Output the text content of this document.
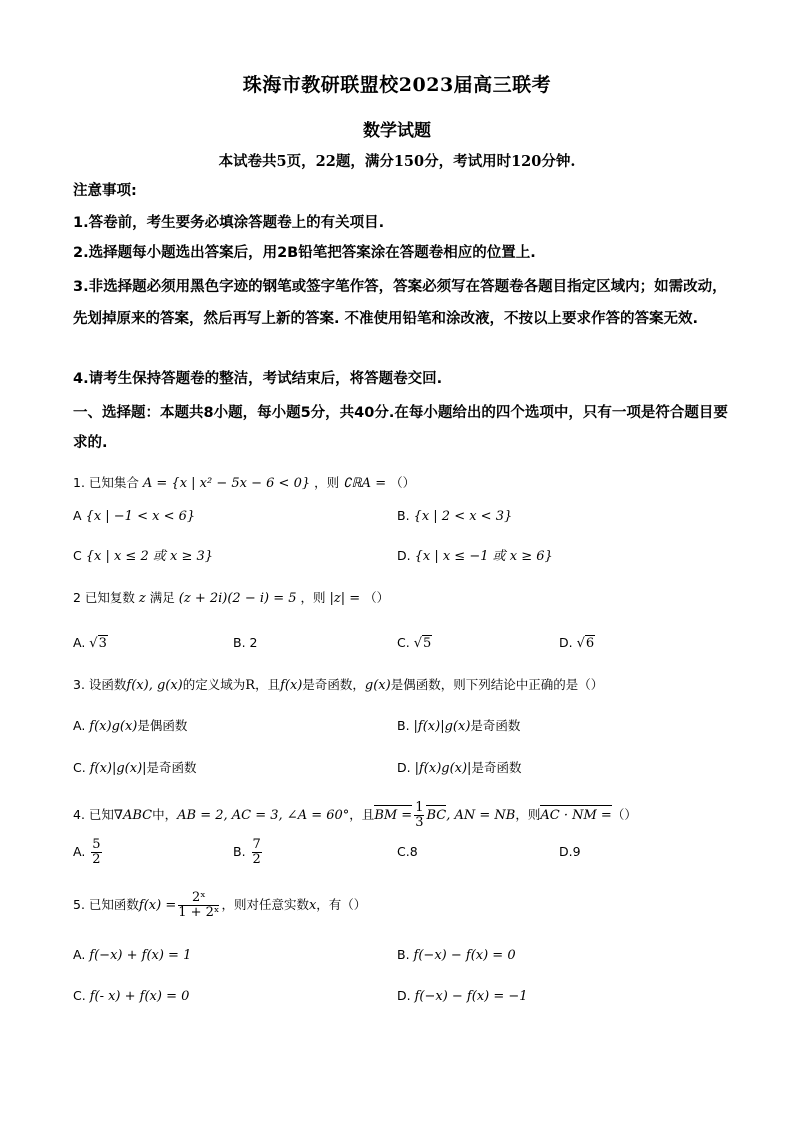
珠海市教研联盟校2023届高三联考
数学试题
本试卷共5页，22题，满分150分，考试用时120分钟.
注意事项:
1.答卷前，考生要务必填涂答题卷上的有关项目.
2.选择题每小题选出答案后，用2B铅笔把答案涂在答题卷相应的位置上.
3.非选择题必须用黑色字迹的钢笔或签字笔作答，答案必须写在答题卷各题目指定区域内；如需改动，先划掉原来的答案，然后再写上新的答案. 不准使用铅笔和涂改液，不按以上要求作答的答案无效.
4.请考生保持答题卷的整洁，考试结束后，将答题卷交回.
一、选择题：本题共8小题，每小题5分，共40分.在每小题给出的四个选项中，只有一项是符合题目要求的.
1. 已知集合 A = {x | x² − 5x − 6 < 0} ，则 ∁ℝA = （）
A {x | −1 < x < 6}	B. {x | 2 < x < 3}
C {x | x ≤ 2 或 x ≥ 3}	D. {x | x ≤ −1 或 x ≥ 6}
2 已知复数 z 满足 (z + 2i)(2 − i) = 5 ，则 |z| = （）
A. √3	B. 2	C. √5	D. √6
3. 设函数f(x), g(x)的定义域为R，且f(x)是奇函数，g(x)是偶函数，则下列结论中正确的是（）
A. f(x)g(x)是偶函数	B. |f(x)|g(x)是奇函数
C. f(x)|g(x)|是奇函数	D. |f(x)g(x)|是奇函数
4. 已知∇ABC中，AB = 2, AC = 3, ∠A = 60°，且BM = $\frac{1}{3}$ BC, AN = NB，则AC · NM =（）
A. $\frac{5}{2}$	B. $\frac{7}{2}$	C.8	D.9
5. 已知函数$f(x) = \frac{\text{2ˣ}}{\text{1 + 2ˣ}}$ ，则对任意实数x，有（）
A. f(−x) + f(x) = 1	B. f(−x) − f(x) = 0
C. f(- x) + f(x) = 0	D. f(−x) − f(x) = −1
